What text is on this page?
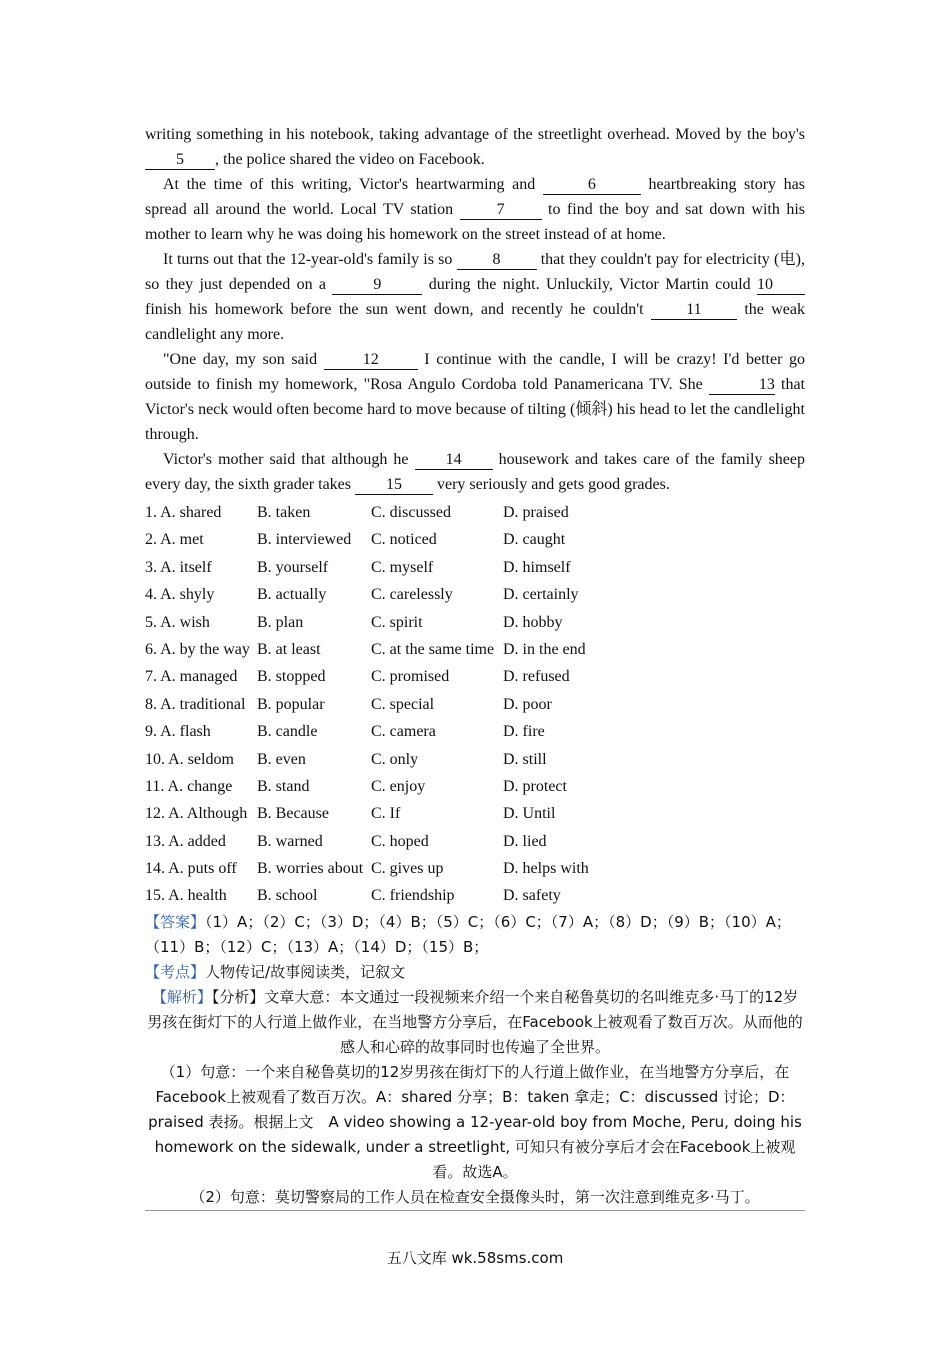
writing something in his notebook, taking advantage of the streetlight overhead. Moved by the boy's 5 , the police shared the video on Facebook.

At the time of this writing, Victor's heartwarming and	6	heartbreaking story has spread all around the world. Local TV station 7 to find the boy and sat down with his mother to learn why he was doing his homework on the street instead of at home.

It turns out that the 12-year-old's family is so 8 that they couldn't pay for electricity (电), so they just depended on a	9	during the night. Unluckily, Victor Martin could 10 finish his homework before the sun went down, and recently he couldn't 11 the weak candlelight any more.

"One day, my son said 12 I continue with the candle, I will be crazy! I'd better go outside to finish my homework, "Rosa Angulo Cordoba told Panamericana TV. She	13 that Victor's neck would often become hard to move because of tilting (倾斜) his head to let the candlelight through.

Victor's mother said that although he 14 housework and takes care of the family sheep every day, the sixth grader takes 15 very seriously and gets good grades.

1. A. shared	B. taken	C. discussed	D. praised
2. A. met	B. interviewed	C. noticed	D. caught
3. A. itself	B. yourself	C. myself	D. himself
4. A. shyly	B. actually	C. carelessly	D. certainly
5. A. wish	B. plan	C. spirit	D. hobby
6. A. by the way B. at least	C. at the same time D. in the end
7. A. managed	B. stopped	C. promised	D. refused
8. A. traditional B. popular	C. special	D. poor
9. A. flash	B. candle	C. camera	D. fire
10. A. seldom	B. even	C. only	D. still
11. A. change	B. stand	C. enjoy	D. protect
12. A. Although B. Because	C. If	D. Until
13. A. added	B. warned	C. hoped	D. lied
14. A. puts off	B. worries about C. gives up	D. helps with
15. A. health	B. school	C. friendship	D. safety

【答案】（1）A；（2）C；（3）D；（4）B；（5）C；（6）C；（7）A；（8）D；（9）B；（10）A；（11）B；（12）C；（13）A；（14）D；（15）B；

【考点】人物传记/故事阅读类，记叙文

【解析】【分析】文章大意：本文通过一段视频来介绍一个来自秘鲁莫切的名叫维克多·马丁的12岁男孩在街灯下的人行道上做作业，在当地警方分享后，在Facebook上被观看了数百万次。从而他的感人和心碎的故事同时也传遍了全世界。

（1）句意：一个来自秘鲁莫切的12岁男孩在街灯下的人行道上做作业，在当地警方分享后，在Facebook上被观看了数百万次。A：shared 分享；B：taken 拿走；C：discussed 讨论；D：praised 表扬。根据上文　A video showing a 12-year-old boy from Moche, Peru, doing his homework on the sidewalk, under a streetlight, 可知只有被分享后才会在Facebook上被观看。故选A。

（2）句意：莫切警察局的工作人员在检查安全摄像头时，第一次注意到维克多·马丁。

五八文库 wk.58sms.com
